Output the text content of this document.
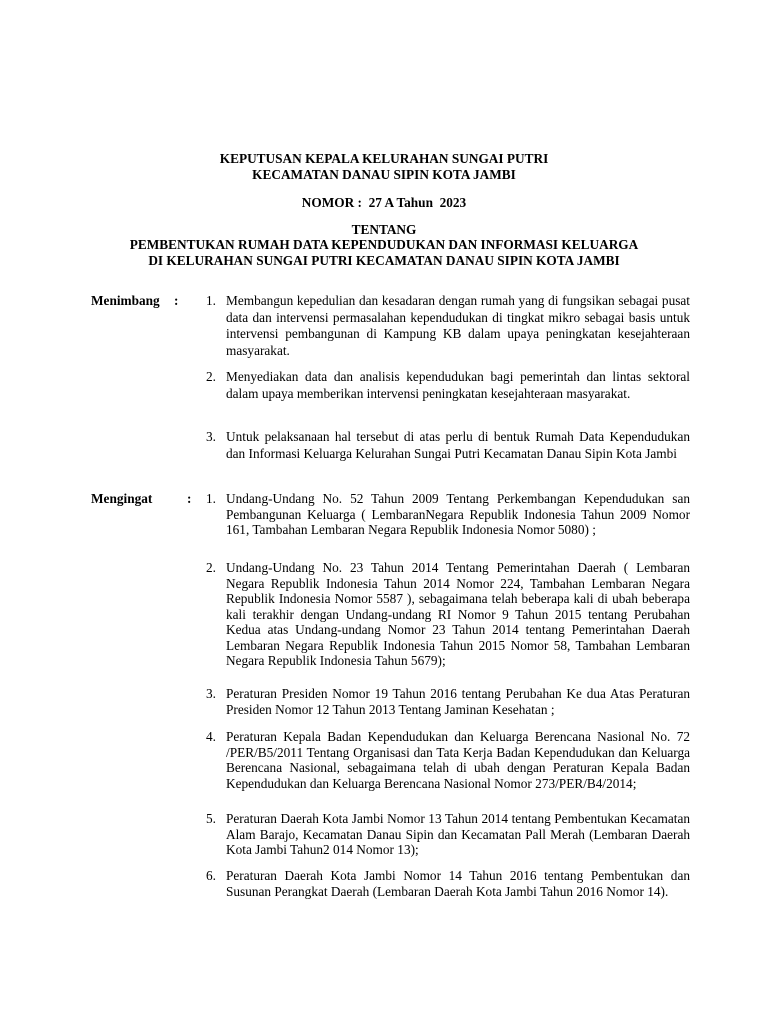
KEPUTUSAN KEPALA KELURAHAN SUNGAI PUTRI
KECAMATAN DANAU SIPIN KOTA JAMBI
NOMOR :  27 A Tahun  2023
TENTANG
PEMBENTUKAN RUMAH DATA KEPENDUDUKAN DAN INFORMASI KELUARGA
DI KELURAHAN SUNGAI PUTRI KECAMATAN DANAU SIPIN KOTA JAMBI
Menimbang : 1. Membangun kepedulian dan kesadaran dengan rumah yang di fungsikan sebagai pusat data dan intervensi permasalahan kependudukan di tingkat mikro sebagai basis untuk intervensi pembangunan di Kampung KB dalam upaya peningkatan kesejahteraan masyarakat.
2. Menyediakan data dan analisis kependudukan bagi pemerintah dan lintas sektoral dalam upaya memberikan intervensi peningkatan kesejahteraan masyarakat.
3. Untuk pelaksanaan hal tersebut di atas perlu di bentuk Rumah Data Kependudukan dan Informasi Keluarga Kelurahan Sungai Putri Kecamatan Danau Sipin Kota Jambi
Mengingat	: 1. Undang-Undang No. 52 Tahun 2009 Tentang Perkembangan Kependudukan san Pembangunan Keluarga ( LembaranNegara Republik Indonesia Tahun 2009 Nomor 161, Tambahan Lembaran Negara Republik Indonesia Nomor 5080) ;
2. Undang-Undang No. 23 Tahun 2014 Tentang Pemerintahan Daerah ( Lembaran Negara Republik Indonesia Tahun 2014 Nomor 224, Tambahan Lembaran Negara Republik Indonesia Nomor 5587 ), sebagaimana telah beberapa kali di ubah beberapa kali terakhir dengan Undang-undang RI Nomor 9 Tahun 2015 tentang Perubahan Kedua atas Undang-undang Nomor 23 Tahun 2014 tentang Pemerintahan Daerah Lembaran Negara Republik Indonesia Tahun 2015 Nomor 58, Tambahan Lembaran Negara Republik Indonesia Tahun 5679);
3. Peraturan Presiden Nomor 19 Tahun 2016 tentang Perubahan Ke dua Atas Peraturan Presiden Nomor 12 Tahun 2013 Tentang Jaminan Kesehatan ;
4. Peraturan Kepala Badan Kependudukan dan Keluarga Berencana Nasional No. 72 /PER/B5/2011 Tentang Organisasi dan Tata Kerja Badan Kependudukan dan Keluarga Berencana Nasional, sebagaimana telah di ubah dengan Peraturan Kepala Badan Kependudukan dan Keluarga Berencana Nasional Nomor 273/PER/B4/2014;
5. Peraturan Daerah Kota Jambi Nomor 13 Tahun 2014 tentang Pembentukan Kecamatan Alam Barajo, Kecamatan Danau Sipin dan Kecamatan Pall Merah (Lembaran Daerah Kota Jambi Tahun2 014 Nomor 13);
6. Peraturan Daerah Kota Jambi Nomor 14 Tahun 2016 tentang Pembentukan dan Susunan Perangkat Daerah (Lembaran Daerah Kota Jambi Tahun 2016 Nomor 14).
